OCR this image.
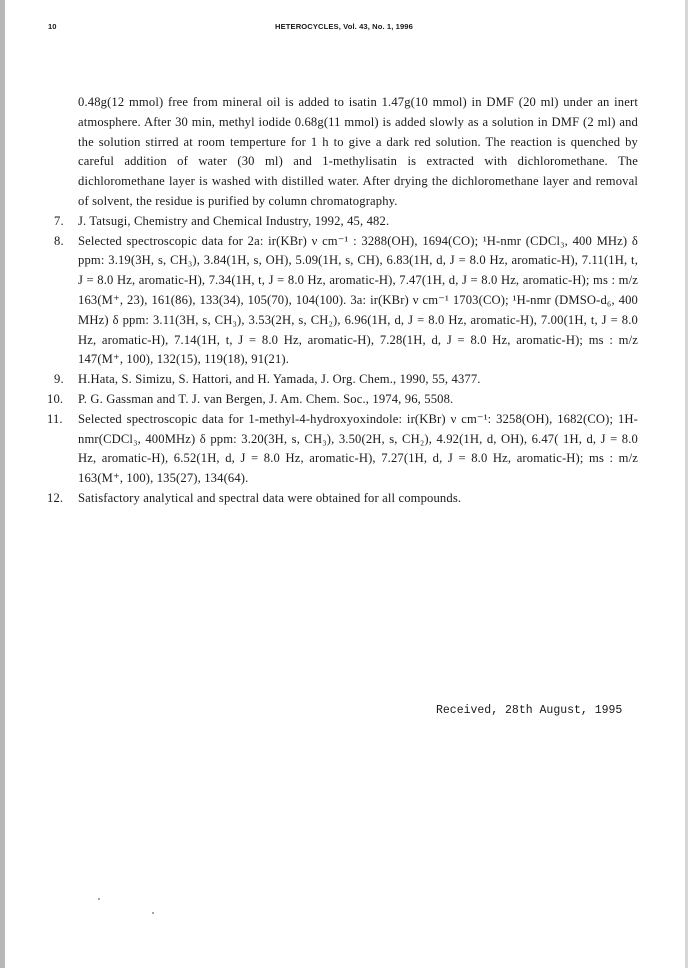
10	HETEROCYCLES, Vol. 43, No. 1, 1996

0.48g(12 mmol) free from mineral oil is added to isatin 1.47g(10 mmol) in DMF (20 ml) under an inert atmosphere. After 30 min, methyl iodide 0.68g(11 mmol) is added slowly as a solution in DMF (2 ml) and the solution stirred at room temperture for 1 h to give a dark red solution. The reaction is quenched by careful addition of water (30 ml) and 1-methylisatin is extracted with dichloromethane. The dichloromethane layer is washed with distilled water. After drying the dichloromethane layer and removal of solvent, the residue is purified by column chromatography.

7.	J. Tatsugi, Chemistry and Chemical Industry, 1992, 45, 482.
8.	Selected spectroscopic data for 2a: ir(KBr) ν cm⁻¹ : 3288(OH), 1694(CO); ¹H-nmr (CDCl₃, 400 MHz) δ ppm: 3.19(3H, s, CH₃), 3.84(1H, s, OH), 5.09(1H, s, CH), 6.83(1H, d, J = 8.0 Hz, aromatic-H), 7.11(1H, t, J = 8.0 Hz, aromatic-H), 7.34(1H, t, J = 8.0 Hz, aromatic-H), 7.47(1H, d, J = 8.0 Hz, aromatic-H); ms : m/z 163(M⁺, 23), 161(86), 133(34), 105(70), 104(100). 3a: ir(KBr) ν cm⁻¹ 1703(CO); ¹H-nmr (DMSO-d₆, 400 MHz) δ ppm: 3.11(3H, s, CH₃), 3.53(2H, s, CH₂), 6.96(1H, d, J = 8.0 Hz, aromatic-H), 7.00(1H, t, J = 8.0 Hz, aromatic-H), 7.14(1H, t, J = 8.0 Hz, aromatic-H), 7.28(1H, d, J = 8.0 Hz, aromatic-H); ms : m/z 147(M⁺, 100), 132(15), 119(18), 91(21).
9.	H.Hata, S. Simizu, S. Hattori, and H. Yamada, J. Org. Chem., 1990, 55, 4377.
10.	P. G. Gassman and T. J. van Bergen, J. Am. Chem. Soc., 1974, 96, 5508.
11.	Selected spectroscopic data for 1-methyl-4-hydroxyoxindole: ir(KBr) ν cm⁻¹: 3258(OH), 1682(CO); 1H-nmr(CDCl₃, 400MHz) δ ppm: 3.20(3H, s, CH₃), 3.50(2H, s, CH₂), 4.92(1H, d, OH), 6.47( 1H, d, J = 8.0 Hz, aromatic-H), 6.52(1H, d, J = 8.0 Hz, aromatic-H), 7.27(1H, d, J = 8.0 Hz, aromatic-H); ms : m/z 163(M⁺, 100), 135(27), 134(64).
12.	Satisfactory analytical and spectral data were obtained for all compounds.
Received, 28th August, 1995
